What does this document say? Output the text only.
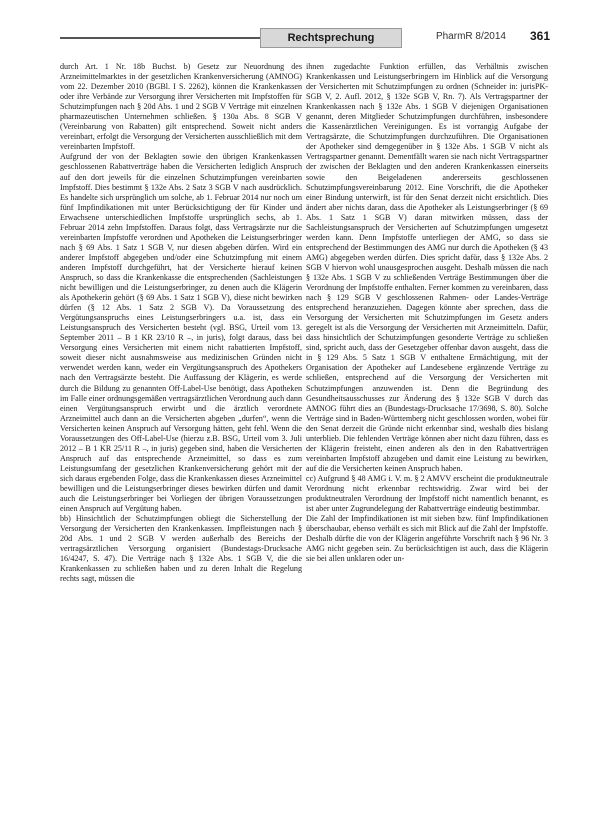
Rechtsprechung	PharmR 8/2014 361

durch Art. 1 Nr. 18b Buchst. b) Gesetz zur Neuordnung des Arzneimittelmarktes in der gesetzlichen Krankenversicherung (AMNOG) vom 22. Dezember 2010 (BGBl. I S. 2262), können die Krankenkassen oder ihre Verbände zur Versorgung ihrer Versicherten mit Impfstoffen für Schutzimpfungen nach § 20d Abs. 1 und 2 SGB V Verträge mit einzelnen pharmazeutischen Unternehmen schließen. § 130a Abs. 8 SGB V (Vereinbarung von Rabatten) gilt entsprechend. Soweit nicht anders vereinbart, erfolgt die Versorgung der Versicherten ausschließlich mit dem vereinbarten Impfstoff.

Aufgrund der von der Beklagten sowie den übrigen Krankenkassen geschlossenen Rabattverträge haben die Versicherten lediglich Anspruch auf den dort jeweils für die einzelnen Schutzimpfungen vereinbarten Impfstoff. Dies bestimmt § 132e Abs. 2 Satz 3 SGB V nach ausdrücklich. Es handelte sich ursprünglich um solche, ab 1. Februar 2014 nur noch um fünf Impfindikationen mit unter Berücksichtigung der für Kinder und Erwachsene unterschiedlichen Impfstoffe ursprünglich sechs, ab 1. Februar 2014 zehn Impfstoffen. Daraus folgt, dass Vertragsärzte nur die vereinbarten Impfstoffe verordnen und Apotheken die Leistungserbringer nach § 69 Abs. 1 Satz 1 SGB V, nur diesen abgeben dürfen. Wird ein anderer Impfstoff abgegeben und/oder eine Schutzimpfung mit einem anderen Impfstoff durchgeführt, hat der Versicherte hierauf keinen Anspruch, so dass die Krankenkasse die entsprechenden (Sachleistungen nicht bewilligen und die Leistungserbringer, zu denen auch die Klägerin als Apothekerin gehört (§ 69 Abs. 1 Satz 1 SGB V), diese nicht bewirken dürfen (§ 12 Abs. 1 Satz 2 SGB V). Da Voraussetzung des Vergütungsanspruchs eines Leistungserbringers u.a. ist, dass ein Leistungsanspruch des Versicherten besteht (vgl. BSG, Urteil vom 13. September 2011 – B 1 KR 23/10 R –, in juris), folgt daraus, dass bei Versorgung eines Versicherten mit einem nicht rabattierten Impfstoff, soweit dieser nicht ausnahmsweise aus medizinischen Gründen nicht verwendet werden kann, weder ein Vergütungsanspruch des Apothekers nach den Vertragsärzte besteht. Die Auffassung der Klägerin, es werde durch die Bildung zu genannten Off-Label-Use benötigt, dass Apotheken im Falle einer ordnungsgemäßen vertragsärztlichen Verordnung auch dann einen Vergütungsanspruch erwirbt und die ärztlich verordnete Arzneimittel auch dann an die Versicherten abgeben „durfen“, wenn die Versicherten keinen Anspruch auf Versorgung hätten, geht fehl. Wenn die Voraussetzungen des Off-Label-Use (hierzu z.B. BSG, Urteil vom 3. Juli 2012 – B 1 KR 25/11 R –, in juris) gegeben sind, haben die Versicherten Anspruch auf das entsprechende Arzneimittel, so dass es zum Leistungsumfang der gesetzlichen Krankenversicherung gehört mit der sich daraus ergebenden Folge, dass die Krankenkassen dieses Arzneimittel bewilligen und die Leistungserbringer dieses bewirken dürfen und damit auch die Leistungserbringer bei Vorliegen der übrigen Voraussetzungen einen Anspruch auf Vergütung haben.

bb) Hinsichtlich der Schutzimpfungen obliegt die Sicherstellung der Versorgung der Versicherten den Krankenkassen. Impfleistungen nach § 20d Abs. 1 und 2 SGB V werden außerhalb des Bereichs der vertragsärztlichen Versorgung organisiert (Bundestags-Drucksache 16/4247, S. 47). Die Verträge nach § 132e Abs. 1 SGB V, die die Krankenkassen zu schließen haben und zu deren Inhalt die Regelung rechts sagt, müssen die

ihnen zugedachte Funktion erfüllen, das Verhältnis zwischen Krankenkassen und Leistungserbringern im Hinblick auf die Versorgung der Versicherten mit Schutzimpfungen zu ordnen (Schneider in: jurisPK-SGB V, 2. Aufl. 2012, § 132e SGB V, Rn. 7). Als Vertragspartner der Krankenkassen nach § 132e Abs. 1 SGB V diejenigen Organisationen genannt, deren Mitglieder Schutzimpfungen durchführen, insbesondere die Kassenärztlichen Vereinigungen. Es ist vorrangig Aufgabe der Vertragsärzte, die Schutzimpfungen durchzuführen. Die Organisationen der Apotheker sind demgegenüber in § 132e Abs. 1 SGB V nicht als Vertragspartner genannt. Dementfällt waren sie nach nicht Vertragspartner der zwischen der Beklagten und den anderen Krankenkassen einerseits sowie den Beigeladenen andererseits geschlossenen Schutzimpfungsvereinbarung 2012. Eine Vorschrift, die die Apotheker einer Bindung unterwirft, ist für den Senat derzeit nicht ersichtlich. Dies ändert aber nichts daran, dass die Apotheker als Leistungserbringer (§ 69 Abs. 1 Satz 1 SGB V) daran mitwirken müssen, dass der Sachleistungsanspruch der Versicherten auf Schutzimpfungen umgesetzt werden kann. Denn Impfstoffe unterliegen der AMG, so dass sie entsprechend der Bestimmungen des AMG nur durch die Apotheken (§ 43 AMG) abgegeben werden dürfen. Dies spricht dafür, dass § 132e Abs. 2 SGB V hiervon wohl unausgesprochen ausgeht. Deshalb müssen die nach § 132e Abs. 1 SGB V zu schließenden Verträge Bestimmungen über die Verordnung der Impfstoffe enthalten. Ferner kommen zu vereinbaren, dass nach § 129 SGB V geschlossenen Rahmen- oder Landes-Verträge entsprechend heranzuziehen. Dagegen könnte aber sprechen, dass die Versorgung der Versicherten mit Schutzimpfungen im Gesetz anders geregelt ist als die Versorgung der Versicherten mit Arzneimitteln. Dafür, dass hinsichtlich der Schutzimpfungen gesonderte Verträge zu schließen sind, spricht auch, dass der Gesetzgeber offenbar davon ausgeht, dass die in § 129 Abs. 5 Satz 1 SGB V enthaltene Ermächtigung, mit der Organisation der Apotheker auf Landesebene ergänzende Verträge zu schließen, entsprechend auf die Versorgung der Versicherten mit Schutzimpfungen anzuwenden ist. Denn die Begründung des Gesundheitsausschusses zur Änderung des § 132e SGB V durch das AMNOG führt dies an (Bundestags-Drucksache 17/3698, S. 80). Solche Verträge sind in Baden-Württemberg nicht geschlossen worden, wobei für den Senat derzeit die Gründe nicht erkennbar sind, weshalb dies bislang unterblieb. Die fehlenden Verträge können aber nicht dazu führen, dass es der Klägerin freisteht, einen anderen als den in den Rabattverträgen vereinbarten Impfstoff abzugeben und damit eine Leistung zu bewirken, auf die die Versicherten keinen Anspruch haben.

cc) Aufgrund § 48 AMG i. V. m. § 2 AMVV erscheint die produktneutrale Verordnung nicht erkennbar rechtswidrig. Zwar wird bei der produktneutralen Verordnung der Impfstoff nicht namentlich benannt, es ist aber unter Zugrundelegung der Rabattverträge eindeutig bestimmbar.

Die Zahl der Impfindikationen ist mit sieben bzw. fünf Impfindikationen überschaubar, ebenso verhält es sich mit Blick auf die Zahl der Impfstoffe. Deshalb dürfte die von der Klägerin angeführte Vorschrift nach § 96 Nr. 3 AMG nicht gegeben sein. Zu berücksichtigen ist auch, dass die Klägerin sie bei allen unklaren oder un-
